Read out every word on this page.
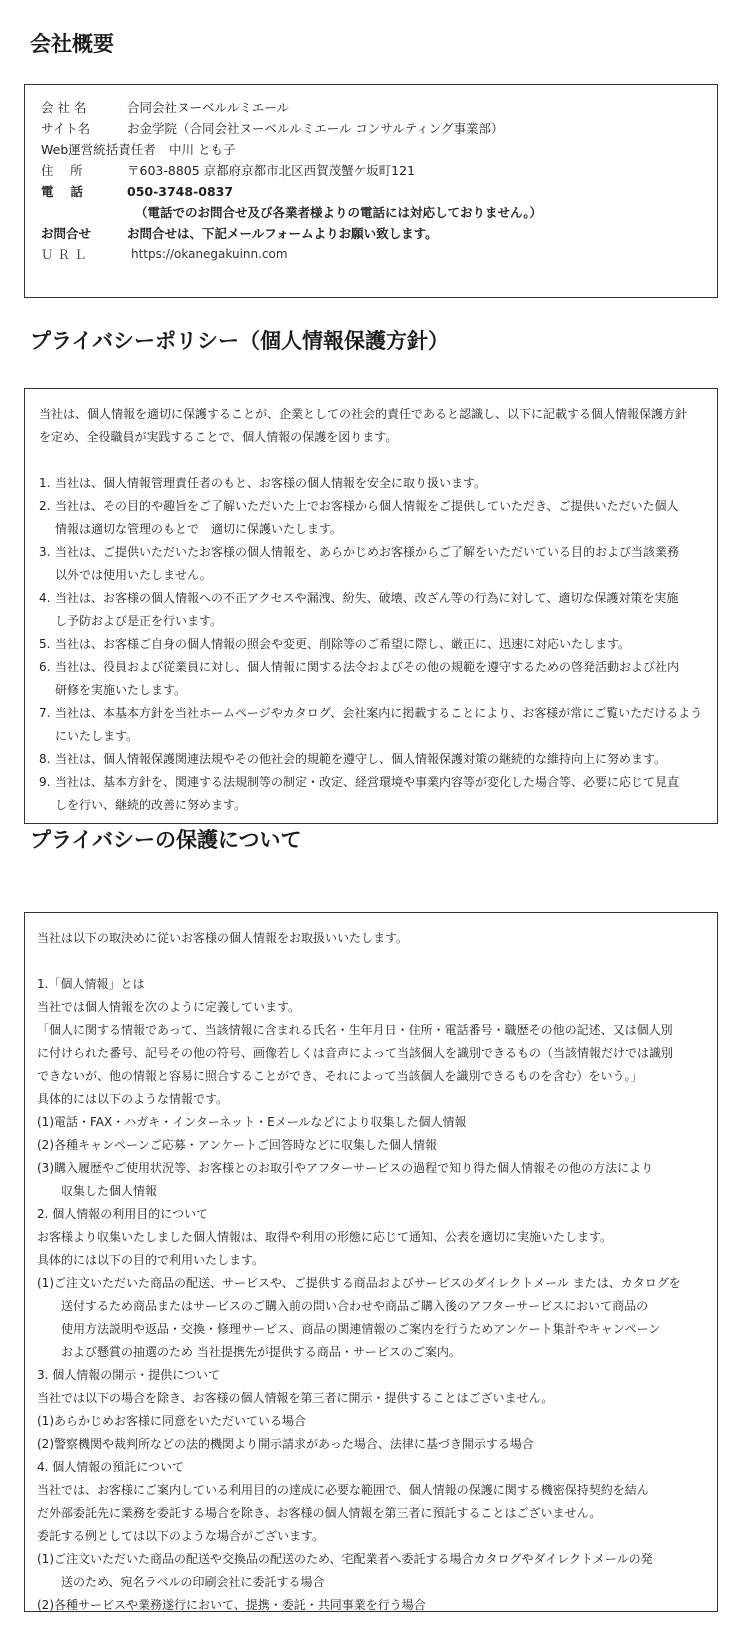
会社概要
会 社 名	合同会社ヌーベルルミエール
サイト名	お金学院（合同会社ヌーベルルミエール コンサルティング事業部）
Web運営統括責任者	中川 とも子
住　 所	〒603-8805 京都府京都市北区西賀茂蟹ケ坂町121
電　 話	050-3748-0837
（電話でのお問合せ及び各業者様よりの電話には対応しておりません。）
お問合せ	お問合せは、下記メールフォームよりお願い致します。
Ｕ Ｒ Ｌ	https://okanegakuinn.com
プライバシーポリシー（個人情報保護方針）

当社は、個人情報を適切に保護することが、企業としての社会的責任であると認識し、以下に記載する個人情報保護方針

を定め、全役職員が実践することで、個人情報の保護を図ります。

1. 当社は、個人情報管理責任者のもと、お客様の個人情報を安全に取り扱います。
2. 当社は、その目的や趣旨をご了解いただいた上でお客様から個人情報をご提供していただき、ご提供いただいた個人
情報は適切な管理のもとで　適切に保護いたします。
3. 当社は、ご提供いただいたお客様の個人情報を、あらかじめお客様からご了解をいただいている目的および当該業務
以外では使用いたしません。
4. 当社は、お客様の個人情報への不正アクセスや漏洩、紛失、破壊、改ざん等の行為に対して、適切な保護対策を実施
し予防および是正を行います。
5. 当社は、お客様ご自身の個人情報の照会や変更、削除等のご希望に際し、厳正に、迅速に対応いたします。
6. 当社は、役員および従業員に対し、個人情報に関する法令およびその他の規範を遵守するための啓発活動および社内
研修を実施いたします。
7. 当社は、本基本方針を当社ホームページやカタログ、会社案内に掲載することにより、お客様が常にご覧いただけるよう
にいたします。
8. 当社は、個人情報保護関連法規やその他社会的規範を遵守し、個人情報保護対策の継続的な維持向上に努めます。
9. 当社は、基本方針を、関連する法規制等の制定・改定、経営環境や事業内容等が変化した場合等、必要に応じて見直
しを行い、継続的改善に努めます。
プライバシーの保護について
当社は以下の取決めに従いお客様の個人情報をお取扱いいたします。
1.「個人情報」とは
当社では個人情報を次のように定義しています。
「個人に関する情報であって、当該情報に含まれる氏名・生年月日・住所・電話番号・職歴その他の記述、又は個人別
に付けられた番号、記号その他の符号、画像若しくは音声によって当該個人を識別できるもの（当該情報だけでは識別
できないが、他の情報と容易に照合することができ、それによって当該個人を識別できるものを含む）をいう。」
具体的には以下のような情報です。
(1)電話・FAX・ハガキ・インターネット・Eメールなどにより収集した個人情報
(2)各種キャンペーンご応募・アンケートご回答時などに収集した個人情報
(3)購入履歴やご使用状況等、お客様とのお取引やアフターサービスの過程で知り得た個人情報その他の方法により
収集した個人情報
2. 個人情報の利用目的について
お客様より収集いたしました個人情報は、取得や利用の形態に応じて通知、公表を適切に実施いたします。
具体的には以下の目的で利用いたします。
(1)ご注文いただいた商品の配送、サービスや、ご提供する商品およびサービスのダイレクトメール または、カタログを
送付するため商品またはサービスのご購入前の問い合わせや商品ご購入後のアフターサービスにおいて商品の
使用方法説明や返品・交換・修理サービス、商品の関連情報のご案内を行うためアンケート集計やキャンペーン
および懸賞の抽選のため 当社提携先が提供する商品・サービスのご案内。
3. 個人情報の開示・提供について
当社では以下の場合を除き、お客様の個人情報を第三者に開示・提供することはございません。
(1)あらかじめお客様に同意をいただいている場合
(2)警察機関や裁判所などの法的機関より開示請求があった場合、法律に基づき開示する場合
4. 個人情報の預託について
当社では、お客様にご案内している利用目的の達成に必要な範囲で、個人情報の保護に関する機密保持契約を結ん
だ外部委託先に業務を委託する場合を除き、お客様の個人情報を第三者に預託することはございません。
委託する例としては以下のような場合がございます。
(1)ご注文いただいた商品の配送や交換品の配送のため、宅配業者へ委託する場合カタログやダイレクトメールの発
送のため、宛名ラベルの印刷会社に委託する場合
(2)各種サービスや業務遂行において、提携・委託・共同事業を行う場合
